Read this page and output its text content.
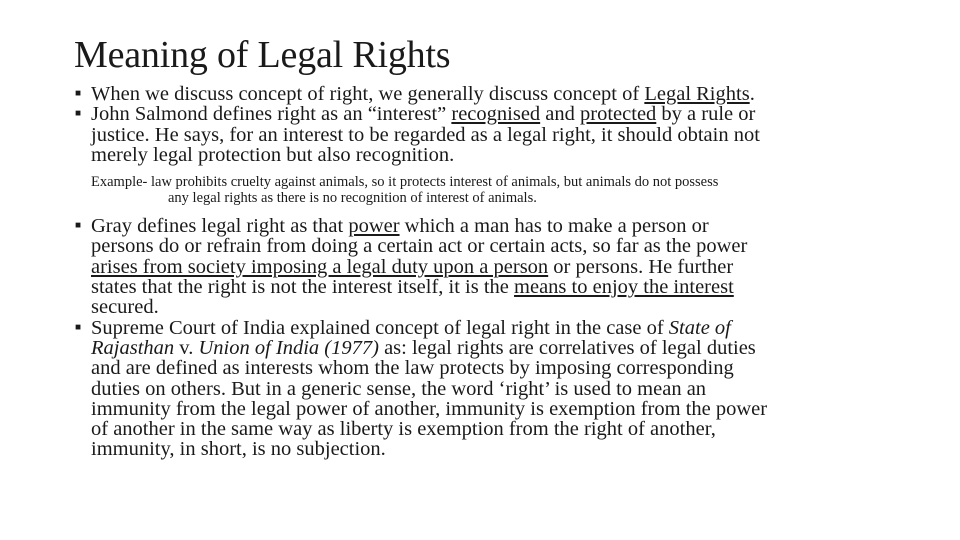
Meaning of Legal Rights
■
When we discuss concept of right, we generally discuss concept of Legal Rights.
■
John Salmond defines right as an “interest” recognised and protected by a rule or
justice. He says, for an interest to be regarded as a legal right, it should obtain not
merely legal protection but also recognition.
Example- law prohibits cruelty against animals, so it protects interest of animals, but animals do not possess
any legal rights as there is no recognition of interest of animals.
■
Gray defines legal right as that power which a man has to make a person or
persons do or refrain from doing a certain act or certain acts, so far as the power
arises from society imposing a legal duty upon a person or persons. He further
states that the right is not the interest itself, it is the means to enjoy the interest
secured.
■
Supreme Court of India explained concept of legal right in the case of State of
Rajasthan v. Union of India (1977) as: legal rights are correlatives of legal duties
and are defined as interests whom the law protects by imposing corresponding
duties on others. But in a generic sense, the word ‘right’ is used to mean an
immunity from the legal power of another, immunity is exemption from the power
of another in the same way as liberty is exemption from the right of another,
immunity, in short, is no subjection.
